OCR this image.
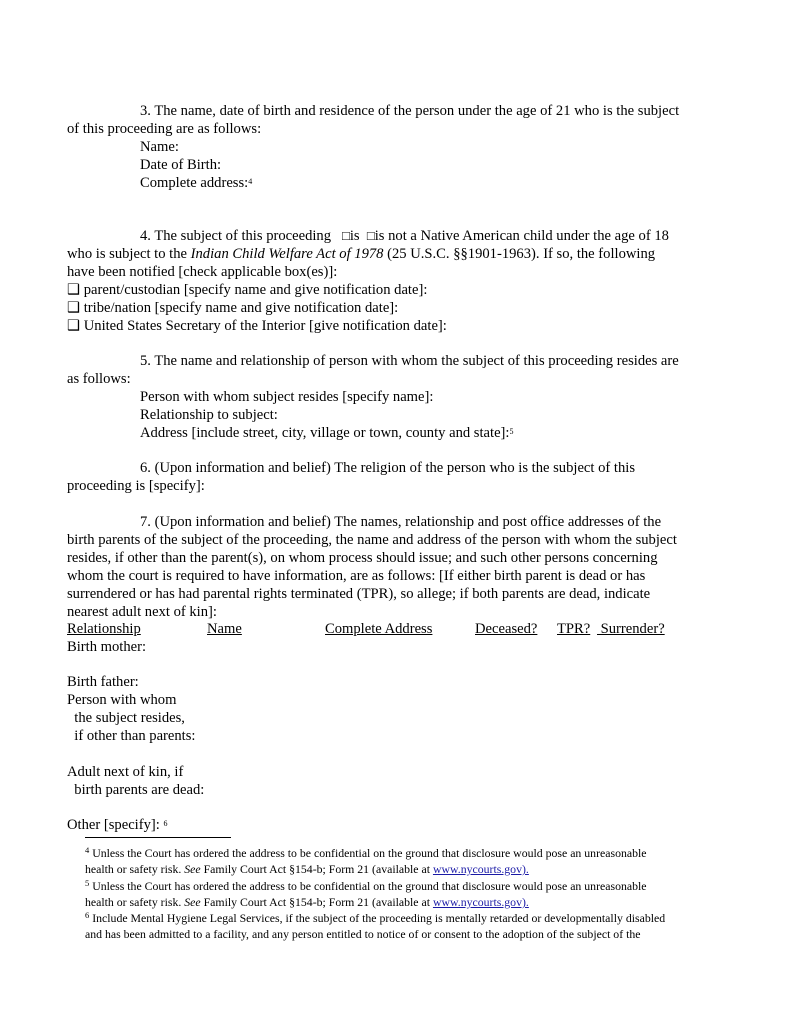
3. The name, date of birth and residence of the person under the age of 21 who is the subject
of this proceeding are as follows:
Name:
Date of Birth:
Complete address:$^4$
4. The subject of this proceeding □is □is not a Native American child under the age of 18
who is subject to the Indian Child Welfare Act of 1978 (25 U.S.C. §§1901-1963). If so, the following
have been notified [check applicable box(es)]:
❑ parent/custodian [specify name and give notification date]:
❑ tribe/nation [specify name and give notification date]:
❑ United States Secretary of the Interior [give notification date]:
5. The name and relationship of person with whom the subject of this proceeding resides are
as follows:
Person with whom subject resides [specify name]:
Relationship to subject:
Address [include street, city, village or town, county and state]:$^5$
6. (Upon information and belief) The religion of the person who is the subject of this
proceeding is [specify]:
7. (Upon information and belief) The names, relationship and post office addresses of the
birth parents of the subject of the proceeding, the name and address of the person with whom the subject
resides, if other than the parent(s), on whom process should issue; and such other persons concerning
whom the court is required to have information, are as follows: [If either birth parent is dead or has
surrendered or has had parental rights terminated (TPR), so allege; if both parents are dead, indicate
nearest adult next of kin]:
Relationship	Name	Complete Address	Deceased? TPR? Surrender?
Birth mother:
Birth father:
Person with whom
the subject resides,
if other than parents:
Adult next of kin, if
birth parents are dead:
Other [specify]: $^6$
$^4$ Unless the Court has ordered the address to be confidential on the ground that disclosure would pose an unreasonable
health or safety risk. See Family Court Act §154-b; Form 21 (available at www.nycourts.gov).
$^5$ Unless the Court has ordered the address to be confidential on the ground that disclosure would pose an unreasonable
health or safety risk. See Family Court Act §154-b; Form 21 (available at www.nycourts.gov).
$^6$ Include Mental Hygiene Legal Services, if the subject of the proceeding is mentally retarded or developmentally disabled
and has been admitted to a facility, and any person entitled to notice of or consent to the adoption of the subject of the
